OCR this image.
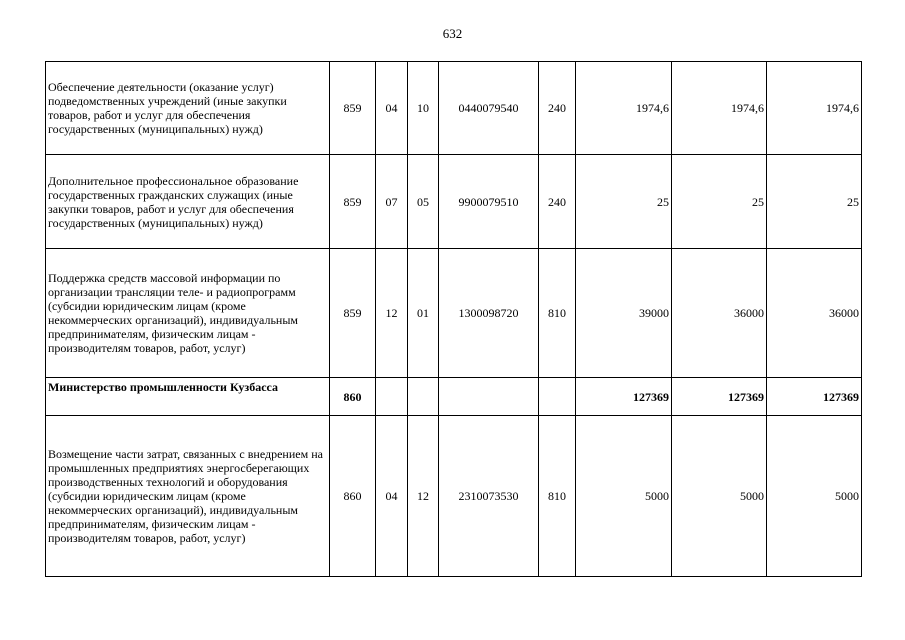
632
Обеспечение деятельности (оказание услуг) подведомственных учреждений (иные закупки товаров, работ и услуг для обеспечения государственных (муниципальных) нужд)	859	04	10	0440079540	240	1974,6	1974,6	1974,6
Дополнительное профессиональное образование государственных гражданских служащих (иные закупки товаров, работ и услуг для обеспечения государственных (муниципальных) нужд)	859	07	05	9900079510	240	25	25	25
Поддержка средств массовой информации по организации трансляции теле- и радиопрограмм (субсидии юридическим лицам (кроме некоммерческих организаций), индивидуальным предпринимателям, физическим лицам - производителям товаров, работ, услуг)	859	12	01	1300098720	810	39000	36000	36000
Министерство промышленности Кузбасса	860					127369	127369	127369
Возмещение части затрат, связанных с внедрением на промышленных предприятиях энергосберегающих производственных технологий и оборудования (субсидии юридическим лицам (кроме некоммерческих организаций), индивидуальным предпринимателям, физическим лицам - производителям товаров, работ, услуг)	860	04	12	2310073530	810	5000	5000	5000
